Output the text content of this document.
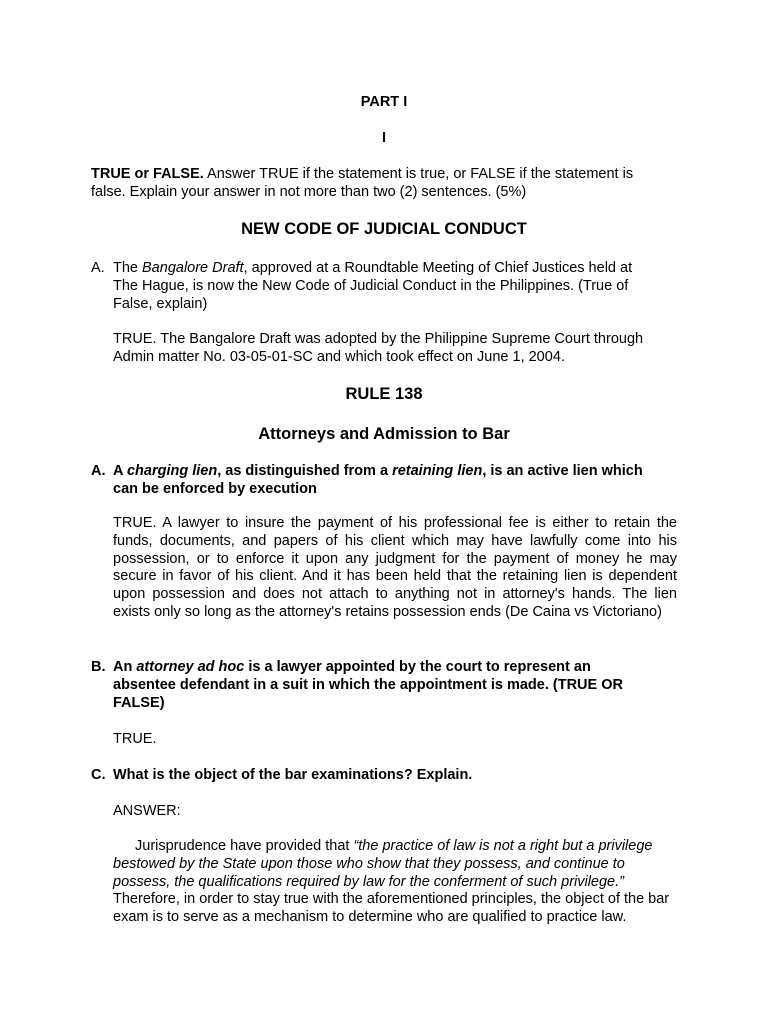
PART I
I
TRUE or FALSE. Answer TRUE if the statement is true, or FALSE if the statement is
false. Explain your answer in not more than two (2) sentences. (5%)
NEW CODE OF JUDICIAL CONDUCT
A. The Bangalore Draft, approved at a Roundtable Meeting of Chief Justices held at
The Hague, is now the New Code of Judicial Conduct in the Philippines. (True of
False, explain)
TRUE. The Bangalore Draft was adopted by the Philippine Supreme Court through
Admin matter No. 03-05-01-SC and which took effect on June 1, 2004.
RULE 138
Attorneys and Admission to Bar
A. A charging lien, as distinguished from a retaining lien, is an active lien which
can be enforced by execution
TRUE. A lawyer to insure the payment of his professional fee is either to retain the funds, documents, and papers of his client which may have lawfully come into his possession, or to enforce it upon any judgment for the payment of money he may secure in favor of his client. And it has been held that the retaining lien is dependent upon possession and does not attach to anything not in attorney's hands. The lien exists only so long as the attorney's retains possession ends (De Caina vs Victoriano)
B. An attorney ad hoc is a lawyer appointed by the court to represent an
absentee defendant in a suit in which the appointment is made. (TRUE OR
FALSE)
TRUE.
C. What is the object of the bar examinations? Explain.
ANSWER:
Jurisprudence have provided that “the practice of law is not a right but a privilege bestowed by the State upon those who show that they possess, and continue to possess, the qualifications required by law for the conferment of such privilege.” Therefore, in order to stay true with the aforementioned principles, the object of the bar exam is to serve as a mechanism to determine who are qualified to practice law.
